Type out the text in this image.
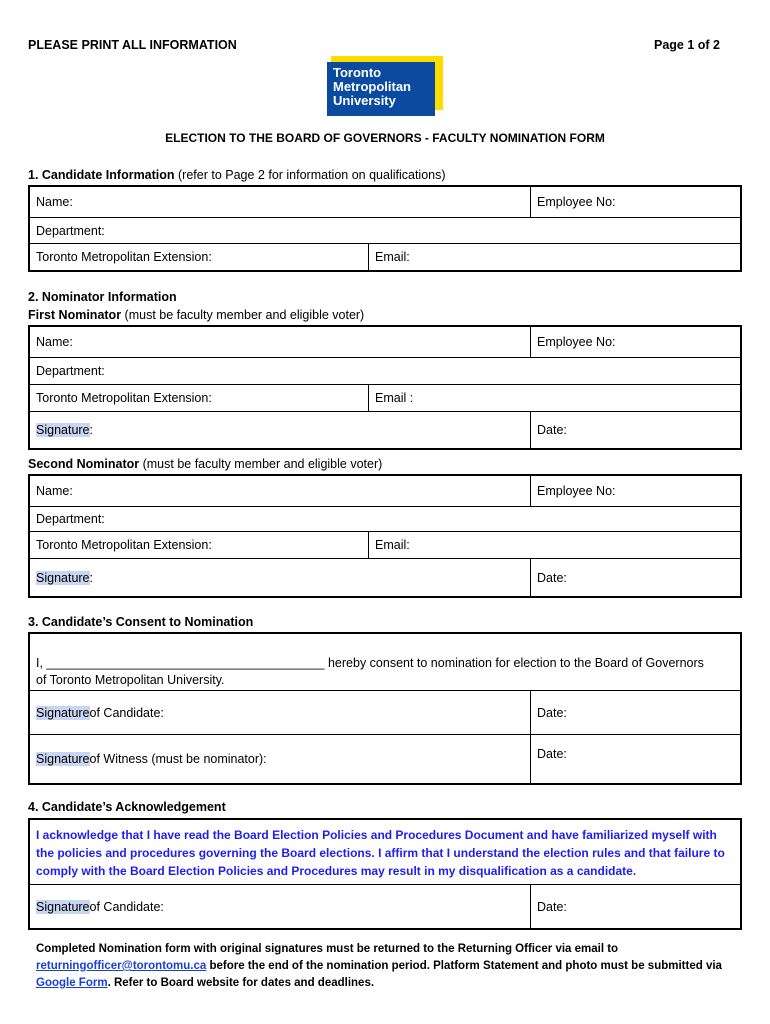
PLEASE PRINT ALL INFORMATION	Page 1 of 2
Toronto
Metropolitan
University
ELECTION TO THE BOARD OF GOVERNORS - FACULTY NOMINATION FORM
1. Candidate Information (refer to Page 2 for information on qualifications)
Name:	Employee No:
Department:
Toronto Metropolitan Extension:	Email:
2. Nominator Information
First Nominator (must be faculty member and eligible voter)
Name:	Employee No:
Department:
Toronto Metropolitan Extension:	Email :
Signature :	Date:
Second Nominator (must be faculty member and eligible voter)
Name:	Employee No:
Department:
Toronto Metropolitan Extension:	Email:
Signature :	Date:
3. Candidate’s Consent to Nomination
I, ________________________________________ hereby consent to nomination for election to the Board of Governors
of Toronto Metropolitan University.
Signature of Candidate:	Date:
Signature of Witness (must be nominator):	Date:
4. Candidate’s Acknowledgement
I acknowledge that I have read the Board Election Policies and Procedures Document and have familiarized myself with the policies and procedures governing the Board elections. I affirm that I understand the election rules and that failure to comply with the Board Election Policies and Procedures may result in my disqualification as a candidate.
Signature of Candidate:	Date:
Completed Nomination form with original signatures must be returned to the Returning Officer via email to returningofficer@torontomu.ca before the end of the nomination period. Platform Statement and photo must be submitted via Google Form. Refer to Board website for dates and deadlines.
